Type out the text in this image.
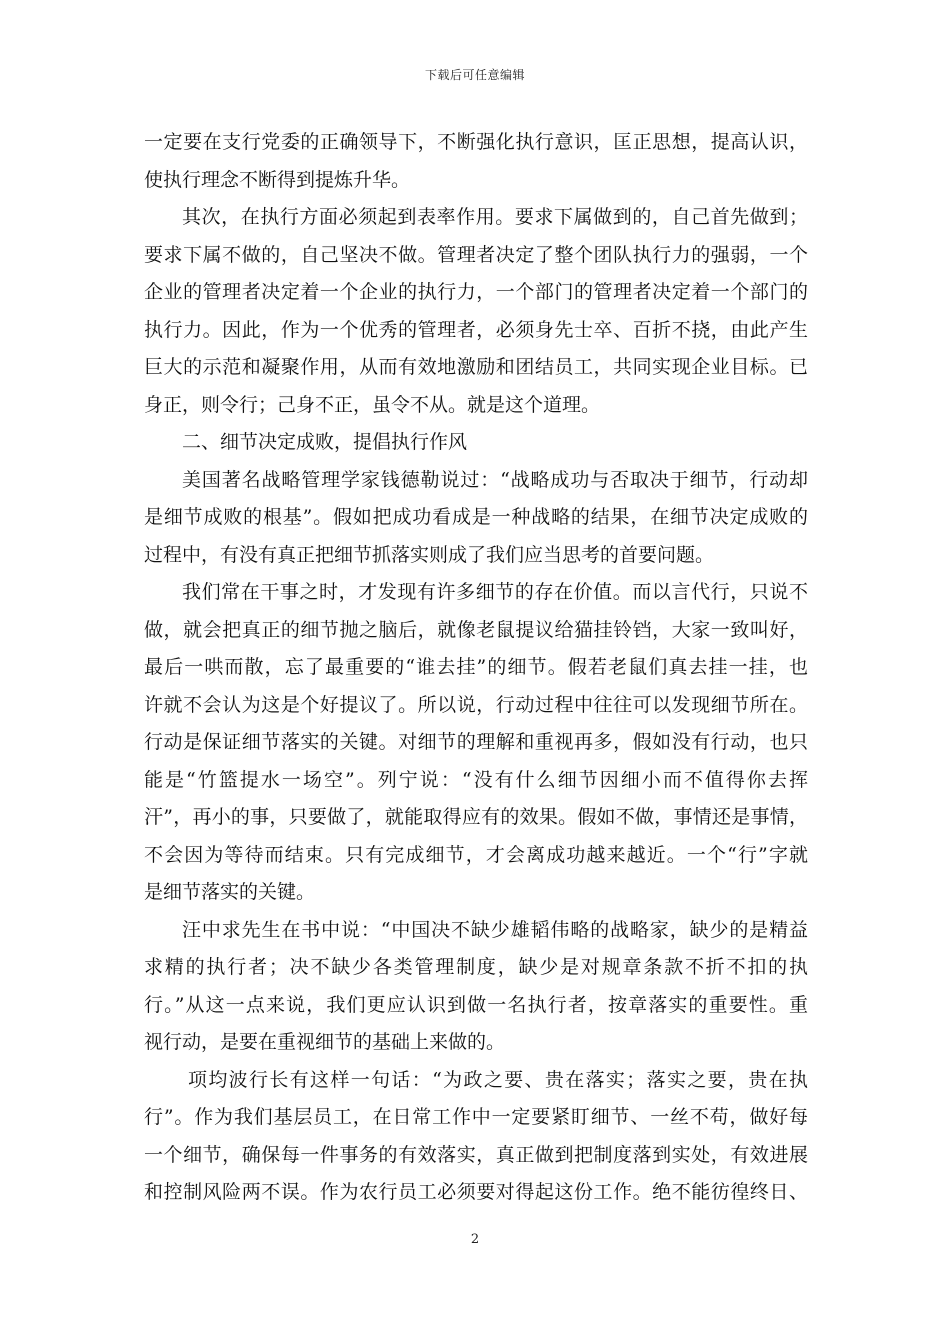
下载后可任意编辑
一定要在支行党委的正确领导下，不断强化执行意识，匡正思想，提高认识，
使执行理念不断得到提炼升华。
其次，在执行方面必须起到表率作用。要求下属做到的，自己首先做到；
要求下属不做的，自己坚决不做。管理者决定了整个团队执行力的强弱，一个
企业的管理者决定着一个企业的执行力，一个部门的管理者决定着一个部门的
执行力。因此，作为一个优秀的管理者，必须身先士卒、百折不挠，由此产生
巨大的示范和凝聚作用，从而有效地激励和团结员工，共同实现企业目标。已
身正，则令行；己身不正，虽令不从。就是这个道理。
二、细节决定成败，提倡执行作风
美国著名战略管理学家钱德勒说过：“战略成功与否取决于细节，行动却
是细节成败的根基”。假如把成功看成是一种战略的结果，在细节决定成败的
过程中，有没有真正把细节抓落实则成了我们应当思考的首要问题。
我们常在干事之时，才发现有许多细节的存在价值。而以言代行，只说不
做，就会把真正的细节抛之脑后，就像老鼠提议给猫挂铃铛，大家一致叫好，
最后一哄而散，忘了最重要的“谁去挂”的细节。假若老鼠们真去挂一挂，也
许就不会认为这是个好提议了。所以说，行动过程中往往可以发现细节所在。
行动是保证细节落实的关键。对细节的理解和重视再多，假如没有行动，也只
能是“竹篮提水一场空”。列宁说：“没有什么细节因细小而不值得你去挥
汗”，再小的事，只要做了，就能取得应有的效果。假如不做，事情还是事情，
不会因为等待而结束。只有完成细节，才会离成功越来越近。一个“行”字就
是细节落实的关键。
汪中求先生在书中说：“中国决不缺少雄韬伟略的战略家，缺少的是精益
求精的执行者；决不缺少各类管理制度，缺少是对规章条款不折不扣的执
行。”从这一点来说，我们更应认识到做一名执行者，按章落实的重要性。重
视行动，是要在重视细节的基础上来做的。
项均波行长有这样一句话：“为政之要、贵在落实；落实之要，贵在执
行”。作为我们基层员工，在日常工作中一定要紧盯细节、一丝不苟，做好每
一个细节，确保每一件事务的有效落实，真正做到把制度落到实处，有效进展
和控制风险两不误。作为农行员工必须要对得起这份工作。绝不能彷徨终日、
2
